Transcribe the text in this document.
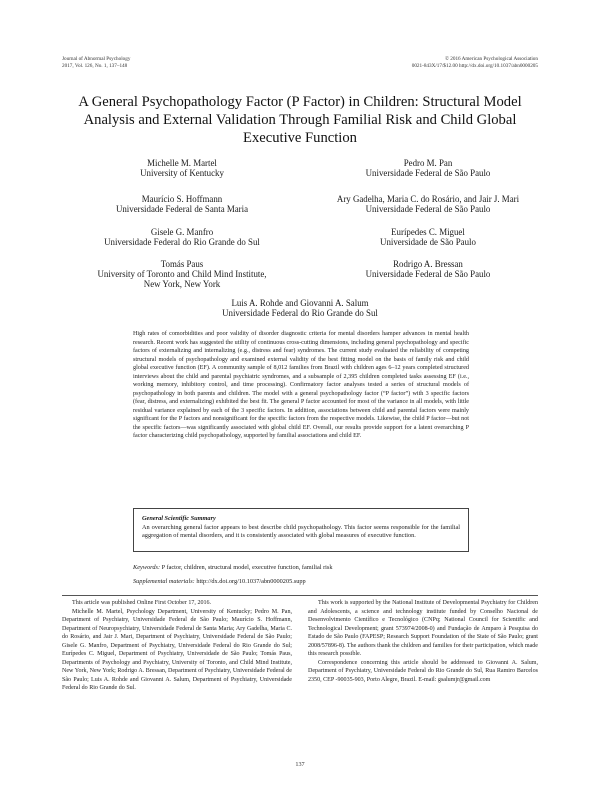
Journal of Abnormal Psychology
2017, Vol. 126, No. 1, 137–148
© 2016 American Psychological Association
0021-843X/17/$12.00 http://dx.doi.org/10.1037/abn0000205
A General Psychopathology Factor (P Factor) in Children: Structural Model Analysis and External Validation Through Familial Risk and Child Global Executive Function
Michelle M. Martel
University of Kentucky
Pedro M. Pan
Universidade Federal de São Paulo
Maurício S. Hoffmann
Universidade Federal de Santa Maria
Ary Gadelha, Maria C. do Rosário, and Jair J. Mari
Universidade Federal de São Paulo
Gisele G. Manfro
Universidade Federal do Rio Grande do Sul
Eurípedes C. Miguel
Universidade de São Paulo
Tomás Paus
University of Toronto and Child Mind Institute,
New York, New York
Rodrigo A. Bressan
Universidade Federal de São Paulo
Luis A. Rohde and Giovanni A. Salum
Universidade Federal do Rio Grande do Sul
High rates of comorbidities and poor validity of disorder diagnostic criteria for mental disorders hamper advances in mental health research. Recent work has suggested the utility of continuous cross-cutting dimensions, including general psychopathology and specific factors of externalizing and internalizing (e.g., distress and fear) syndromes. The current study evaluated the reliability of competing structural models of psychopathology and examined external validity of the best fitting model on the basis of family risk and child global executive function (EF). A community sample of 8,012 families from Brazil with children ages 6–12 years completed structured interviews about the child and parental psychiatric syndromes, and a subsample of 2,395 children completed tasks assessing EF (i.e., working memory, inhibitory control, and time processing). Confirmatory factor analyses tested a series of structural models of psychopathology in both parents and children. The model with a general psychopathology factor (“P factor”) with 3 specific factors (fear, distress, and externalizing) exhibited the best fit. The general P factor accounted for most of the variance in all models, with little residual variance explained by each of the 3 specific factors. In addition, associations between child and parental factors were mainly significant for the P factors and nonsignificant for the specific factors from the respective models. Likewise, the child P factor—but not the specific factors—was significantly associated with global child EF. Overall, our results provide support for a latent overarching P factor characterizing child psychopathology, supported by familial associations and child EF.
General Scientific Summary
An overarching general factor appears to best describe child psychopathology. This factor seems responsible for the familial aggregation of mental disorders, and it is consistently associated with global measures of executive function.
Keywords: P factor, children, structural model, executive function, familial risk
Supplemental materials: http://dx.doi.org/10.1037/abn0000205.supp

This article was published Online First October 17, 2016.

Michelle M. Martel, Psychology Department, University of Kentucky; Pedro M. Pan, Department of Psychiatry, Universidade Federal de São Paulo; Maurício S. Hoffmann, Department of Neuropsychiatry, Universidade Federal de Santa Maria; Ary Gadelha, Maria C. do Rosário, and Jair J. Mari, Department of Psychiatry, Universidade Federal de São Paulo; Gisele G. Manfro, Department of Psychiatry, Universidade Federal do Rio Grande do Sul; Eurípedes C. Miguel, Department of Psychiatry, Universidade de São Paulo; Tomás Paus, Departments of Psychology and Psychiatry, University of Toronto, and Child Mind Institute, New York, New York; Rodrigo A. Bressan, Department of Psychiatry, Universidade Federal de São Paulo; Luis A. Rohde and Giovanni A. Salum, Department of Psychiatry, Universidade Federal do Rio Grande do Sul.

This work is supported by the National Institute of Developmental Psychiatry for Children and Adolescents, a science and technology institute funded by Conselho Nacional de Desenvolvimento Científico e Tecnológico (CNPq; National Council for Scientific and Technological Development; grant 573974/2008-0) and Fundação de Amparo à Pesquisa do Estado de São Paulo (FAPESP; Research Support Foundation of the State of São Paulo; grant 2008/57896-8). The authors thank the children and families for their participation, which made this research possible.

Correspondence concerning this article should be addressed to Giovanni A. Salum, Department of Psychiatry, Universidade Federal do Rio Grande do Sul, Rua Ramiro Barcelos 2350, CEP -90035-903, Porto Alegre, Brazil. E-mail: gsalumjr@gmail.com

137
